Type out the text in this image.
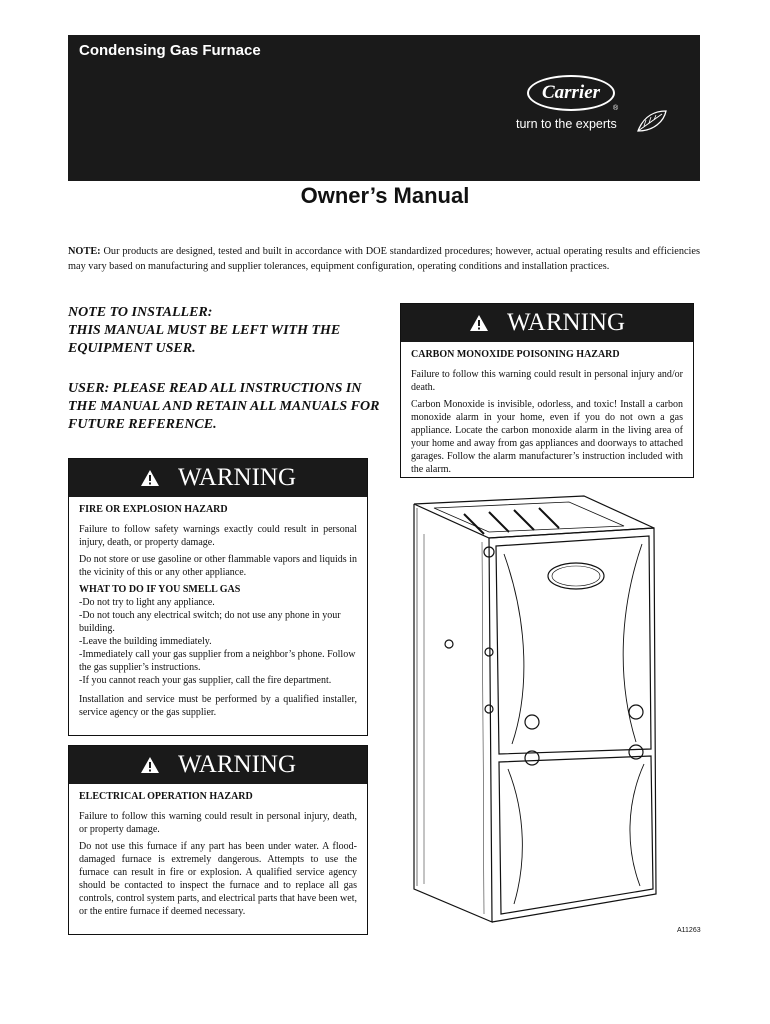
Condensing Gas Furnace
Carrier
®
turn to the experts
Owner’s Manual
NOTE: Our products are designed, tested and built in accordance with DOE standardized procedures; however, actual operating results and efficiencies may vary based on manufacturing and supplier tolerances, equipment configuration, operating conditions and installation practices.
NOTE TO INSTALLER:
THIS MANUAL MUST BE LEFT WITH THE EQUIPMENT USER.
USER: PLEASE READ ALL INSTRUCTIONS IN THE MANUAL AND RETAIN ALL MANUALS FOR FUTURE REFERENCE.
WARNING

CARBON MONOXIDE POISONING HAZARD

Failure to follow this warning could result in personal injury and/or death.

Carbon Monoxide is invisible, odorless, and toxic! Install a carbon monoxide alarm in your home, even if you do not own a gas appliance. Locate the carbon monoxide alarm in the living area of your home and away from gas appliances and doorways to attached garages. Follow the alarm manufacturer’s instruction included with the alarm.

WARNING

FIRE OR EXPLOSION HAZARD

Failure to follow safety warnings exactly could result in personal injury, death, or property damage.

Do not store or use gasoline or other flammable vapors and liquids in the vicinity of this or any other appliance.

WHAT TO DO IF YOU SMELL GAS

-Do not try to light any appliance.

-Do not touch any electrical switch; do not use any phone in your building.

-Leave the building immediately.

-Immediately call your gas supplier from a neighbor’s phone. Follow the gas supplier’s instructions.

-If you cannot reach your gas supplier, call the fire department.

Installation and service must be performed by a qualified installer, service agency or the gas supplier.

WARNING

ELECTRICAL OPERATION HAZARD

Failure to follow this warning could result in personal injury, death, or property damage.

Do not use this furnace if any part has been under water. A flood-damaged furnace is extremely dangerous. Attempts to use the furnace can result in fire or explosion. A qualified service agency should be contacted to inspect the furnace and to replace all gas controls, control system parts, and electrical parts that have been wet, or the entire furnace if deemed necessary.

A11263
